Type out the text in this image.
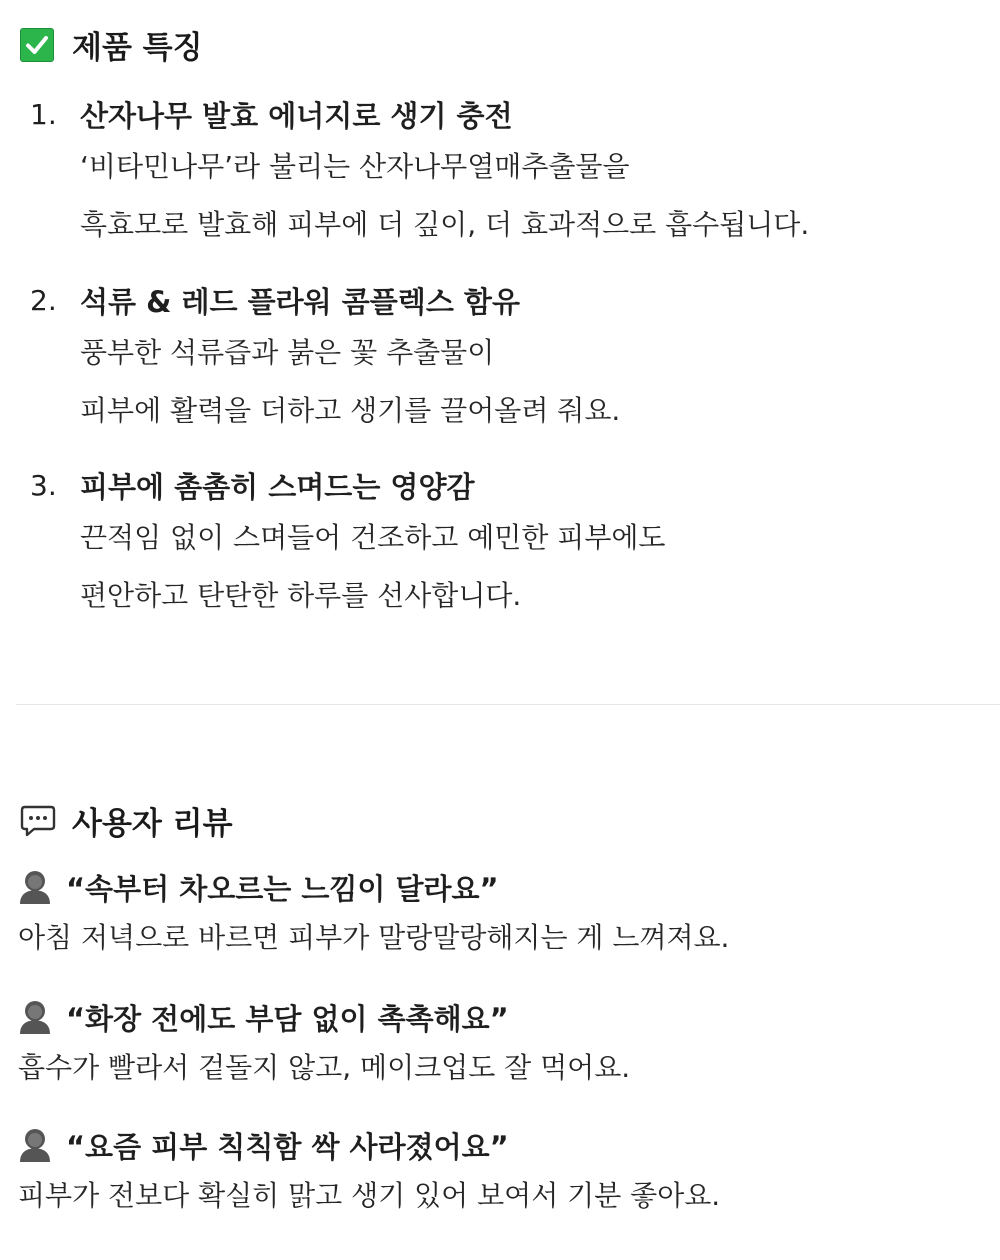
제품 특징
1. 산자나무 발효 에너지로 생기 충전
‘비타민나무’라 불리는 산자나무열매추출물을
흑효모로 발효해 피부에 더 깊이, 더 효과적으로 흡수됩니다.
2. 석류 & 레드 플라워 콤플렉스 함유
풍부한 석류즙과 붉은 꽃 추출물이
피부에 활력을 더하고 생기를 끌어올려 줘요.
3. 피부에 촘촘히 스며드는 영양감
끈적임 없이 스며들어 건조하고 예민한 피부에도
편안하고 탄탄한 하루를 선사합니다.
사용자 리뷰
“속부터 차오르는 느낌이 달라요”
아침 저녁으로 바르면 피부가 말랑말랑해지는 게 느껴져요.
“화장 전에도 부담 없이 촉촉해요”
흡수가 빨라서 겉돌지 않고, 메이크업도 잘 먹어요.
“요즘 피부 칙칙함 싹 사라졌어요”
피부가 전보다 확실히 맑고 생기 있어 보여서 기분 좋아요.
